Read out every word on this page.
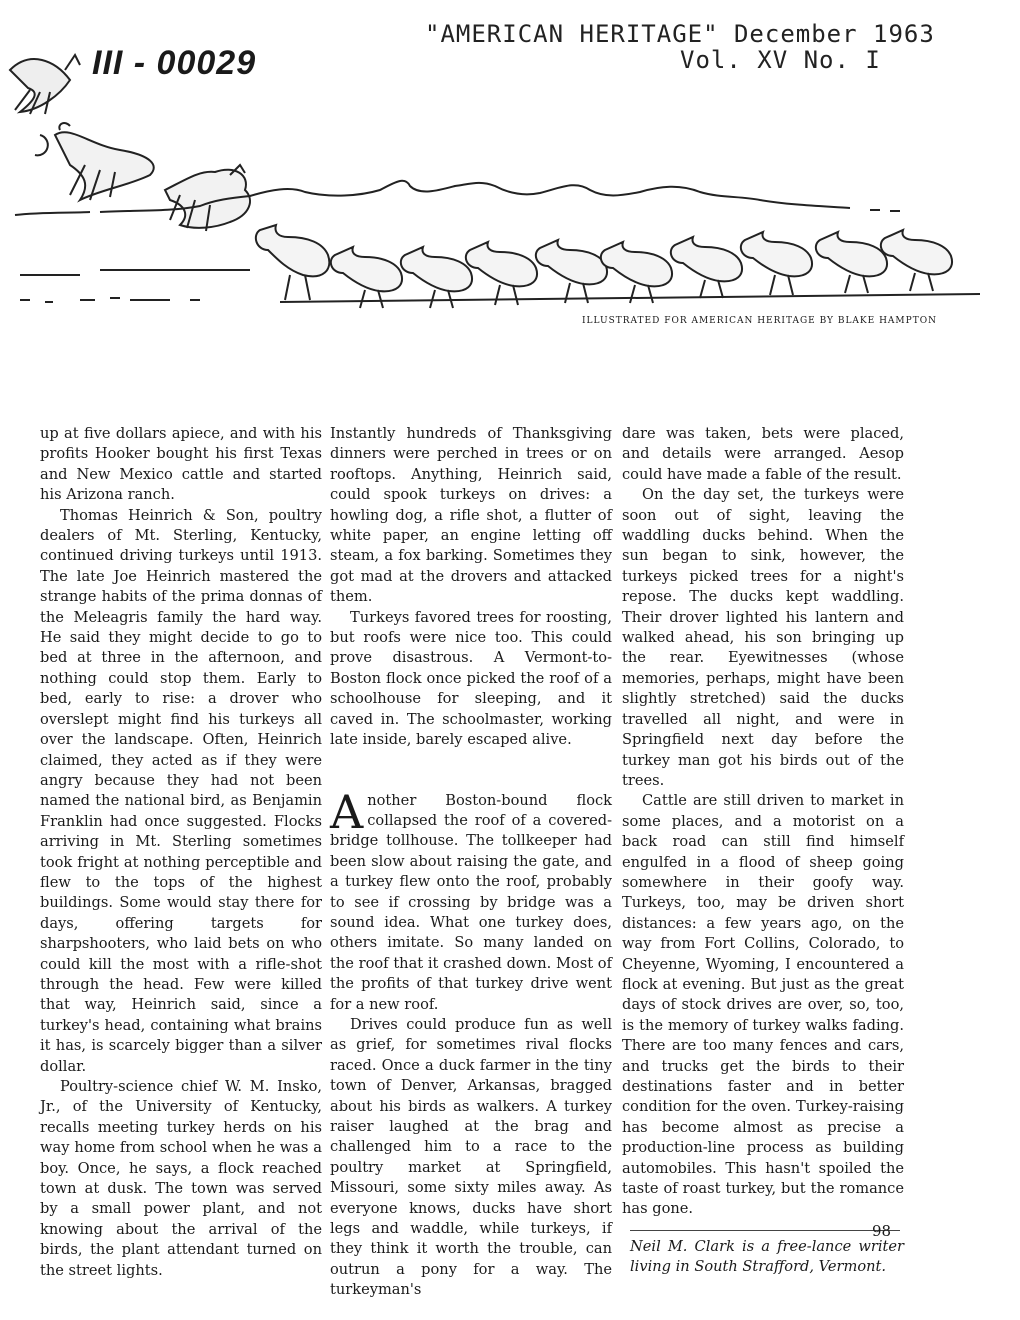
III - 00029
"AMERICAN HERITAGE" December 1963
Vol. XV No. I
ILLUSTRATED FOR AMERICAN HERITAGE BY BLAKE HAMPTON

up at five dollars apiece, and with his profits Hooker bought his first Texas and New Mexico cattle and started his Arizona ranch.

Thomas Heinrich & Son, poultry dealers of Mt. Sterling, Kentucky, continued driving turkeys until 1913. The late Joe Heinrich mastered the strange habits of the prima donnas of the Meleagris family the hard way. He said they might decide to go to bed at three in the afternoon, and nothing could stop them. Early to bed, early to rise: a drover who overslept might find his turkeys all over the landscape. Often, Heinrich claimed, they acted as if they were angry because they had not been named the national bird, as Benjamin Franklin had once suggested. Flocks arriving in Mt. Sterling sometimes took fright at nothing perceptible and flew to the tops of the highest buildings. Some would stay there for days, offering targets for sharpshooters, who laid bets on who could kill the most with a rifle-shot through the head. Few were killed that way, Heinrich said, since a turkey's head, containing what brains it has, is scarcely bigger than a silver dollar.

Poultry-science chief W. M. Insko, Jr., of the University of Kentucky, recalls meeting turkey herds on his way home from school when he was a boy. Once, he says, a flock reached town at dusk. The town was served by a small power plant, and not knowing about the arrival of the birds, the plant attendant turned on the street lights.

Instantly hundreds of Thanksgiving dinners were perched in trees or on rooftops. Anything, Heinrich said, could spook turkeys on drives: a howling dog, a rifle shot, a flutter of white paper, an engine letting off steam, a fox barking. Sometimes they got mad at the drovers and attacked them.

Turkeys favored trees for roosting, but roofs were nice too. This could prove disastrous. A Vermont-to-Boston flock once picked the roof of a schoolhouse for sleeping, and it caved in. The schoolmaster, working late inside, barely escaped alive.

Another Boston-bound flock collapsed the roof of a covered-bridge tollhouse. The tollkeeper had been slow about raising the gate, and a turkey flew onto the roof, probably to see if crossing by bridge was a sound idea. What one turkey does, others imitate. So many landed on the roof that it crashed down. Most of the profits of that turkey drive went for a new roof.

Drives could produce fun as well as grief, for sometimes rival flocks raced. Once a duck farmer in the tiny town of Denver, Arkansas, bragged about his birds as walkers. A turkey raiser laughed at the brag and challenged him to a race to the poultry market at Springfield, Missouri, some sixty miles away. As everyone knows, ducks have short legs and waddle, while turkeys, if they think it worth the trouble, can outrun a pony for a way. The turkeyman's

dare was taken, bets were placed, and details were arranged. Aesop could have made a fable of the result.

On the day set, the turkeys were soon out of sight, leaving the waddling ducks behind. When the sun began to sink, however, the turkeys picked trees for a night's repose. The ducks kept waddling. Their drover lighted his lantern and walked ahead, his son bringing up the rear. Eyewitnesses (whose memories, perhaps, might have been slightly stretched) said the ducks travelled all night, and were in Springfield next day before the turkey man got his birds out of the trees.

Cattle are still driven to market in some places, and a motorist on a back road can still find himself engulfed in a flood of sheep going somewhere in their goofy way. Turkeys, too, may be driven short distances: a few years ago, on the way from Fort Collins, Colorado, to Cheyenne, Wyoming, I encountered a flock at evening. But just as the great days of stock drives are over, so, too, is the memory of turkey walks fading. There are too many fences and cars, and trucks get the birds to their destinations faster and in better condition for the oven. Turkey-raising has become almost as precise a production-line process as building automobiles. This hasn't spoiled the taste of roast turkey, but the romance has gone.

Neil M. Clark is a free-lance writer living in South Strafford, Vermont.

98
